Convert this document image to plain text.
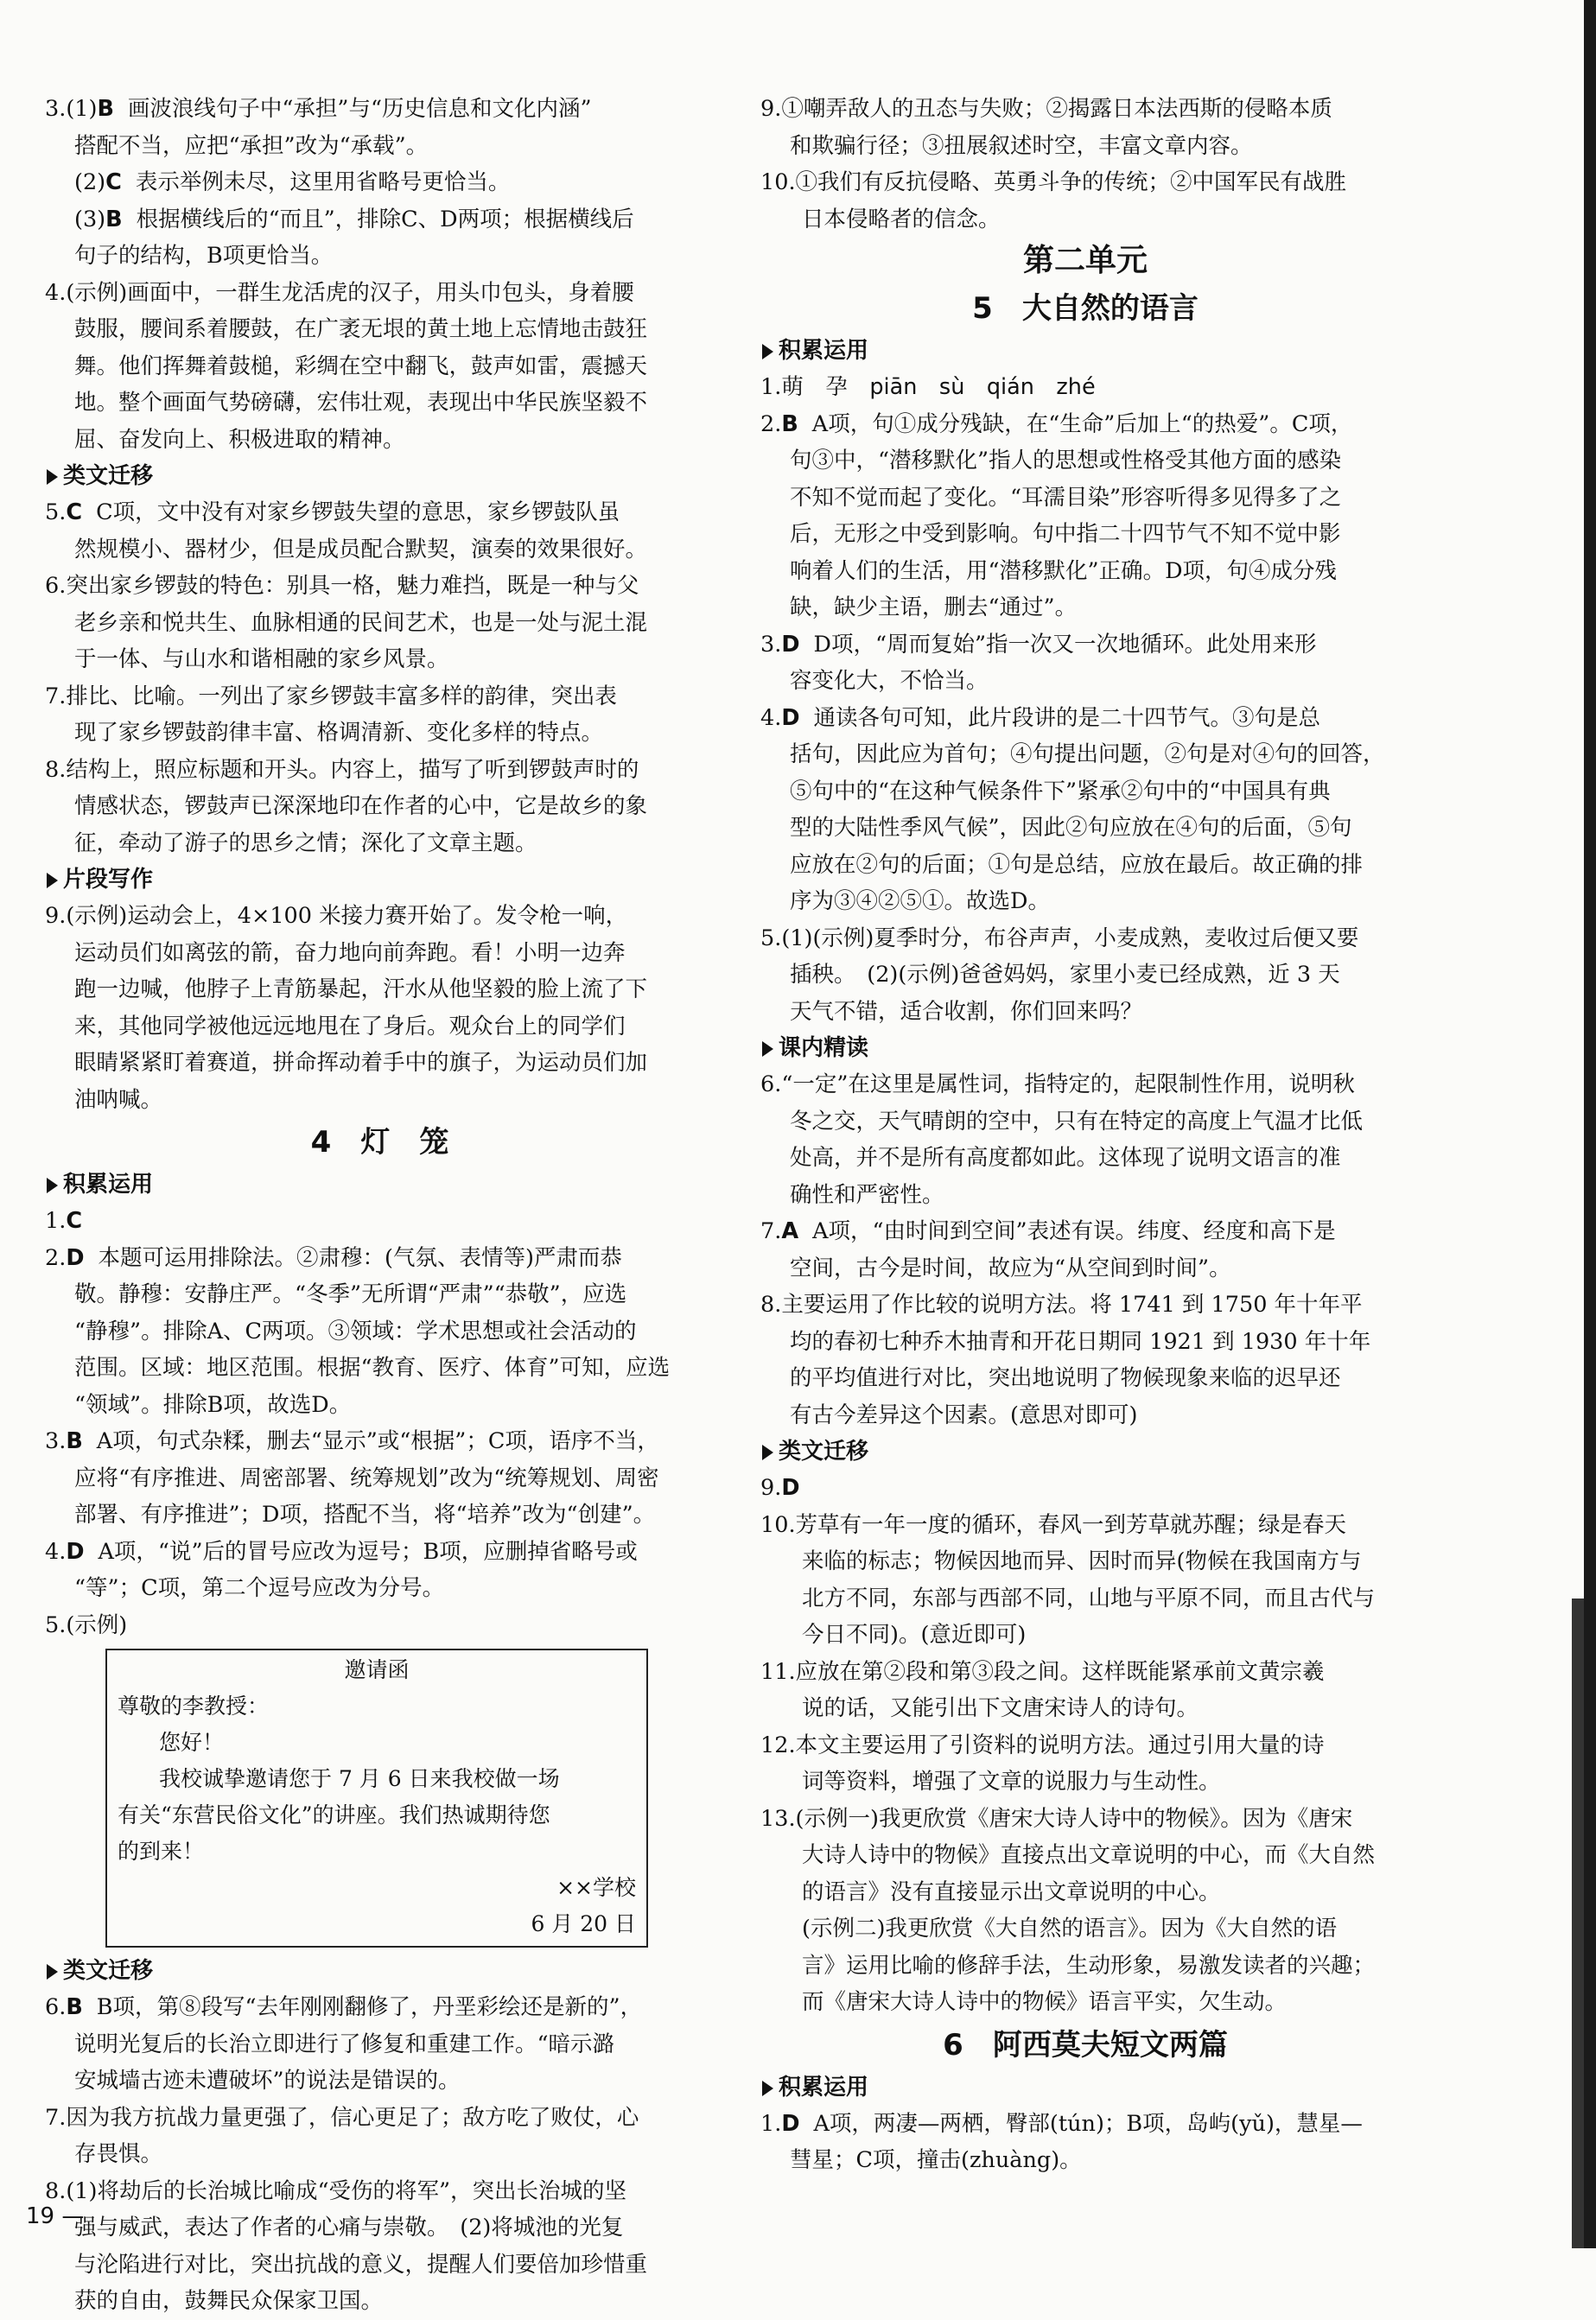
3.(1)B 画波浪线句子中“承担”与“历史信息和文化内涵”

搭配不当，应把“承担”改为“承载”。

(2)C 表示举例未尽，这里用省略号更恰当。

(3)B 根据横线后的“而且”，排除C、D两项；根据横线后

句子的结构，B项更恰当。

4.(示例)画面中，一群生龙活虎的汉子，用头巾包头，身着腰

鼓服，腰间系着腰鼓，在广袤无垠的黄土地上忘情地击鼓狂

舞。他们挥舞着鼓槌，彩绸在空中翻飞，鼓声如雷，震撼天

地。整个画面气势磅礴，宏伟壮观，表现出中华民族坚毅不

屈、奋发向上、积极进取的精神。

类文迁移

5.C C项，文中没有对家乡锣鼓失望的意思，家乡锣鼓队虽

然规模小、器材少，但是成员配合默契，演奏的效果很好。

6.突出家乡锣鼓的特色：别具一格，魅力难挡，既是一种与父

老乡亲和悦共生、血脉相通的民间艺术，也是一处与泥土混

于一体、与山水和谐相融的家乡风景。

7.排比、比喻。一列出了家乡锣鼓丰富多样的韵律，突出表

现了家乡锣鼓韵律丰富、格调清新、变化多样的特点。

8.结构上，照应标题和开头。内容上，描写了听到锣鼓声时的

情感状态，锣鼓声已深深地印在作者的心中，它是故乡的象

征，牵动了游子的思乡之情；深化了文章主题。

片段写作

9.(示例)运动会上，4×100 米接力赛开始了。发令枪一响，

运动员们如离弦的箭，奋力地向前奔跑。看！小明一边奔

跑一边喊，他脖子上青筋暴起，汗水从他坚毅的脸上流了下

来，其他同学被他远远地甩在了身后。观众台上的同学们

眼睛紧紧盯着赛道，拼命挥动着手中的旗子，为运动员们加

油呐喊。

4　灯　笼

积累运用

1.C

2.D 本题可运用排除法。②肃穆：(气氛、表情等)严肃而恭

敬。静穆：安静庄严。“冬季”无所谓“严肃”“恭敬”，应选

“静穆”。排除A、C两项。③领域：学术思想或社会活动的

范围。区域：地区范围。根据“教育、医疗、体育”可知，应选

“领域”。排除B项，故选D。

3.B A项，句式杂糅，删去“显示”或“根据”；C项，语序不当，

应将“有序推进、周密部署、统筹规划”改为“统筹规划、周密

部署、有序推进”；D项，搭配不当，将“培养”改为“创建”。

4.D A项，“说”后的冒号应改为逗号；B项，应删掉省略号或

“等”；C项，第二个逗号应改为分号。

5.(示例)

邀请函

尊敬的李教授：

您好！

我校诚挚邀请您于 7 月 6 日来我校做一场

有关“东营民俗文化”的讲座。我们热诚期待您

的到来！

××学校

6 月 20 日

类文迁移

6.B B项，第⑧段写“去年刚刚翻修了，丹垩彩绘还是新的”，

说明光复后的长治立即进行了修复和重建工作。“暗示潞

安城墙古迹未遭破坏”的说法是错误的。

7.因为我方抗战力量更强了，信心更足了；敌方吃了败仗，心

存畏惧。

8.(1)将劫后的长治城比喻成“受伤的将军”，突出长治城的坚

强与威武，表达了作者的心痛与崇敬。　(2)将城池的光复

与沦陷进行对比，突出抗战的意义，提醒人们要倍加珍惜重

获的自由，鼓舞民众保家卫国。

9.①嘲弄敌人的丑态与失败；②揭露日本法西斯的侵略本质

和欺骗行径；③扭展叙述时空，丰富文章内容。

10.①我们有反抗侵略、英勇斗争的传统；②中国军民有战胜

日本侵略者的信念。

第二单元

5　大自然的语言

积累运用

1.萌　孕　 piān　sù　qián　zhé

2.B A项，句①成分残缺，在“生命”后加上“的热爱”。C项，

句③中，“潜移默化”指人的思想或性格受其他方面的感染

不知不觉而起了变化。“耳濡目染”形容听得多见得多了之

后，无形之中受到影响。句中指二十四节气不知不觉中影

响着人们的生活，用“潜移默化”正确。D项，句④成分残

缺，缺少主语，删去“通过”。

3.D D项，“周而复始”指一次又一次地循环。此处用来形

容变化大，不恰当。

4.D 通读各句可知，此片段讲的是二十四节气。③句是总

括句，因此应为首句；④句提出问题，②句是对④句的回答，

⑤句中的“在这种气候条件下”紧承②句中的“中国具有典

型的大陆性季风气候”，因此②句应放在④句的后面，⑤句

应放在②句的后面；①句是总结，应放在最后。故正确的排

序为③④②⑤①。故选D。

5.(1)(示例)夏季时分，布谷声声，小麦成熟，麦收过后便又要

插秧。　(2)(示例)爸爸妈妈，家里小麦已经成熟，近 3 天

天气不错，适合收割，你们回来吗？

课内精读

6.“一定”在这里是属性词，指特定的，起限制性作用，说明秋

冬之交，天气晴朗的空中，只有在特定的高度上气温才比低

处高，并不是所有高度都如此。这体现了说明文语言的准

确性和严密性。

7.A A项，“由时间到空间”表述有误。纬度、经度和高下是

空间，古今是时间，故应为“从空间到时间”。

8.主要运用了作比较的说明方法。将 1741 到 1750 年十年平

均的春初七种乔木抽青和开花日期同 1921 到 1930 年十年

的平均值进行对比，突出地说明了物候现象来临的迟早还

有古今差异这个因素。(意思对即可)

类文迁移

9.D

10.芳草有一年一度的循环，春风一到芳草就苏醒；绿是春天

来临的标志；物候因地而异、因时而异(物候在我国南方与

北方不同，东部与西部不同，山地与平原不同，而且古代与

今日不同)。(意近即可)

11.应放在第②段和第③段之间。这样既能紧承前文黄宗羲

说的话，又能引出下文唐宋诗人的诗句。

12.本文主要运用了引资料的说明方法。通过引用大量的诗

词等资料，增强了文章的说服力与生动性。

13.(示例一)我更欣赏《唐宋大诗人诗中的物候》。因为《唐宋

大诗人诗中的物候》直接点出文章说明的中心，而《大自然

的语言》没有直接显示出文章说明的中心。

(示例二)我更欣赏《大自然的语言》。因为《大自然的语

言》运用比喻的修辞手法，生动形象，易激发读者的兴趣；

而《唐宋大诗人诗中的物候》语言平实，欠生动。

6　阿西莫夫短文两篇

积累运用

1.D A项，两凄—两栖，臀部(tún)；B项，岛屿(yǔ)，慧星—

彗星；C项，撞击(zhuàng)。

19 —
